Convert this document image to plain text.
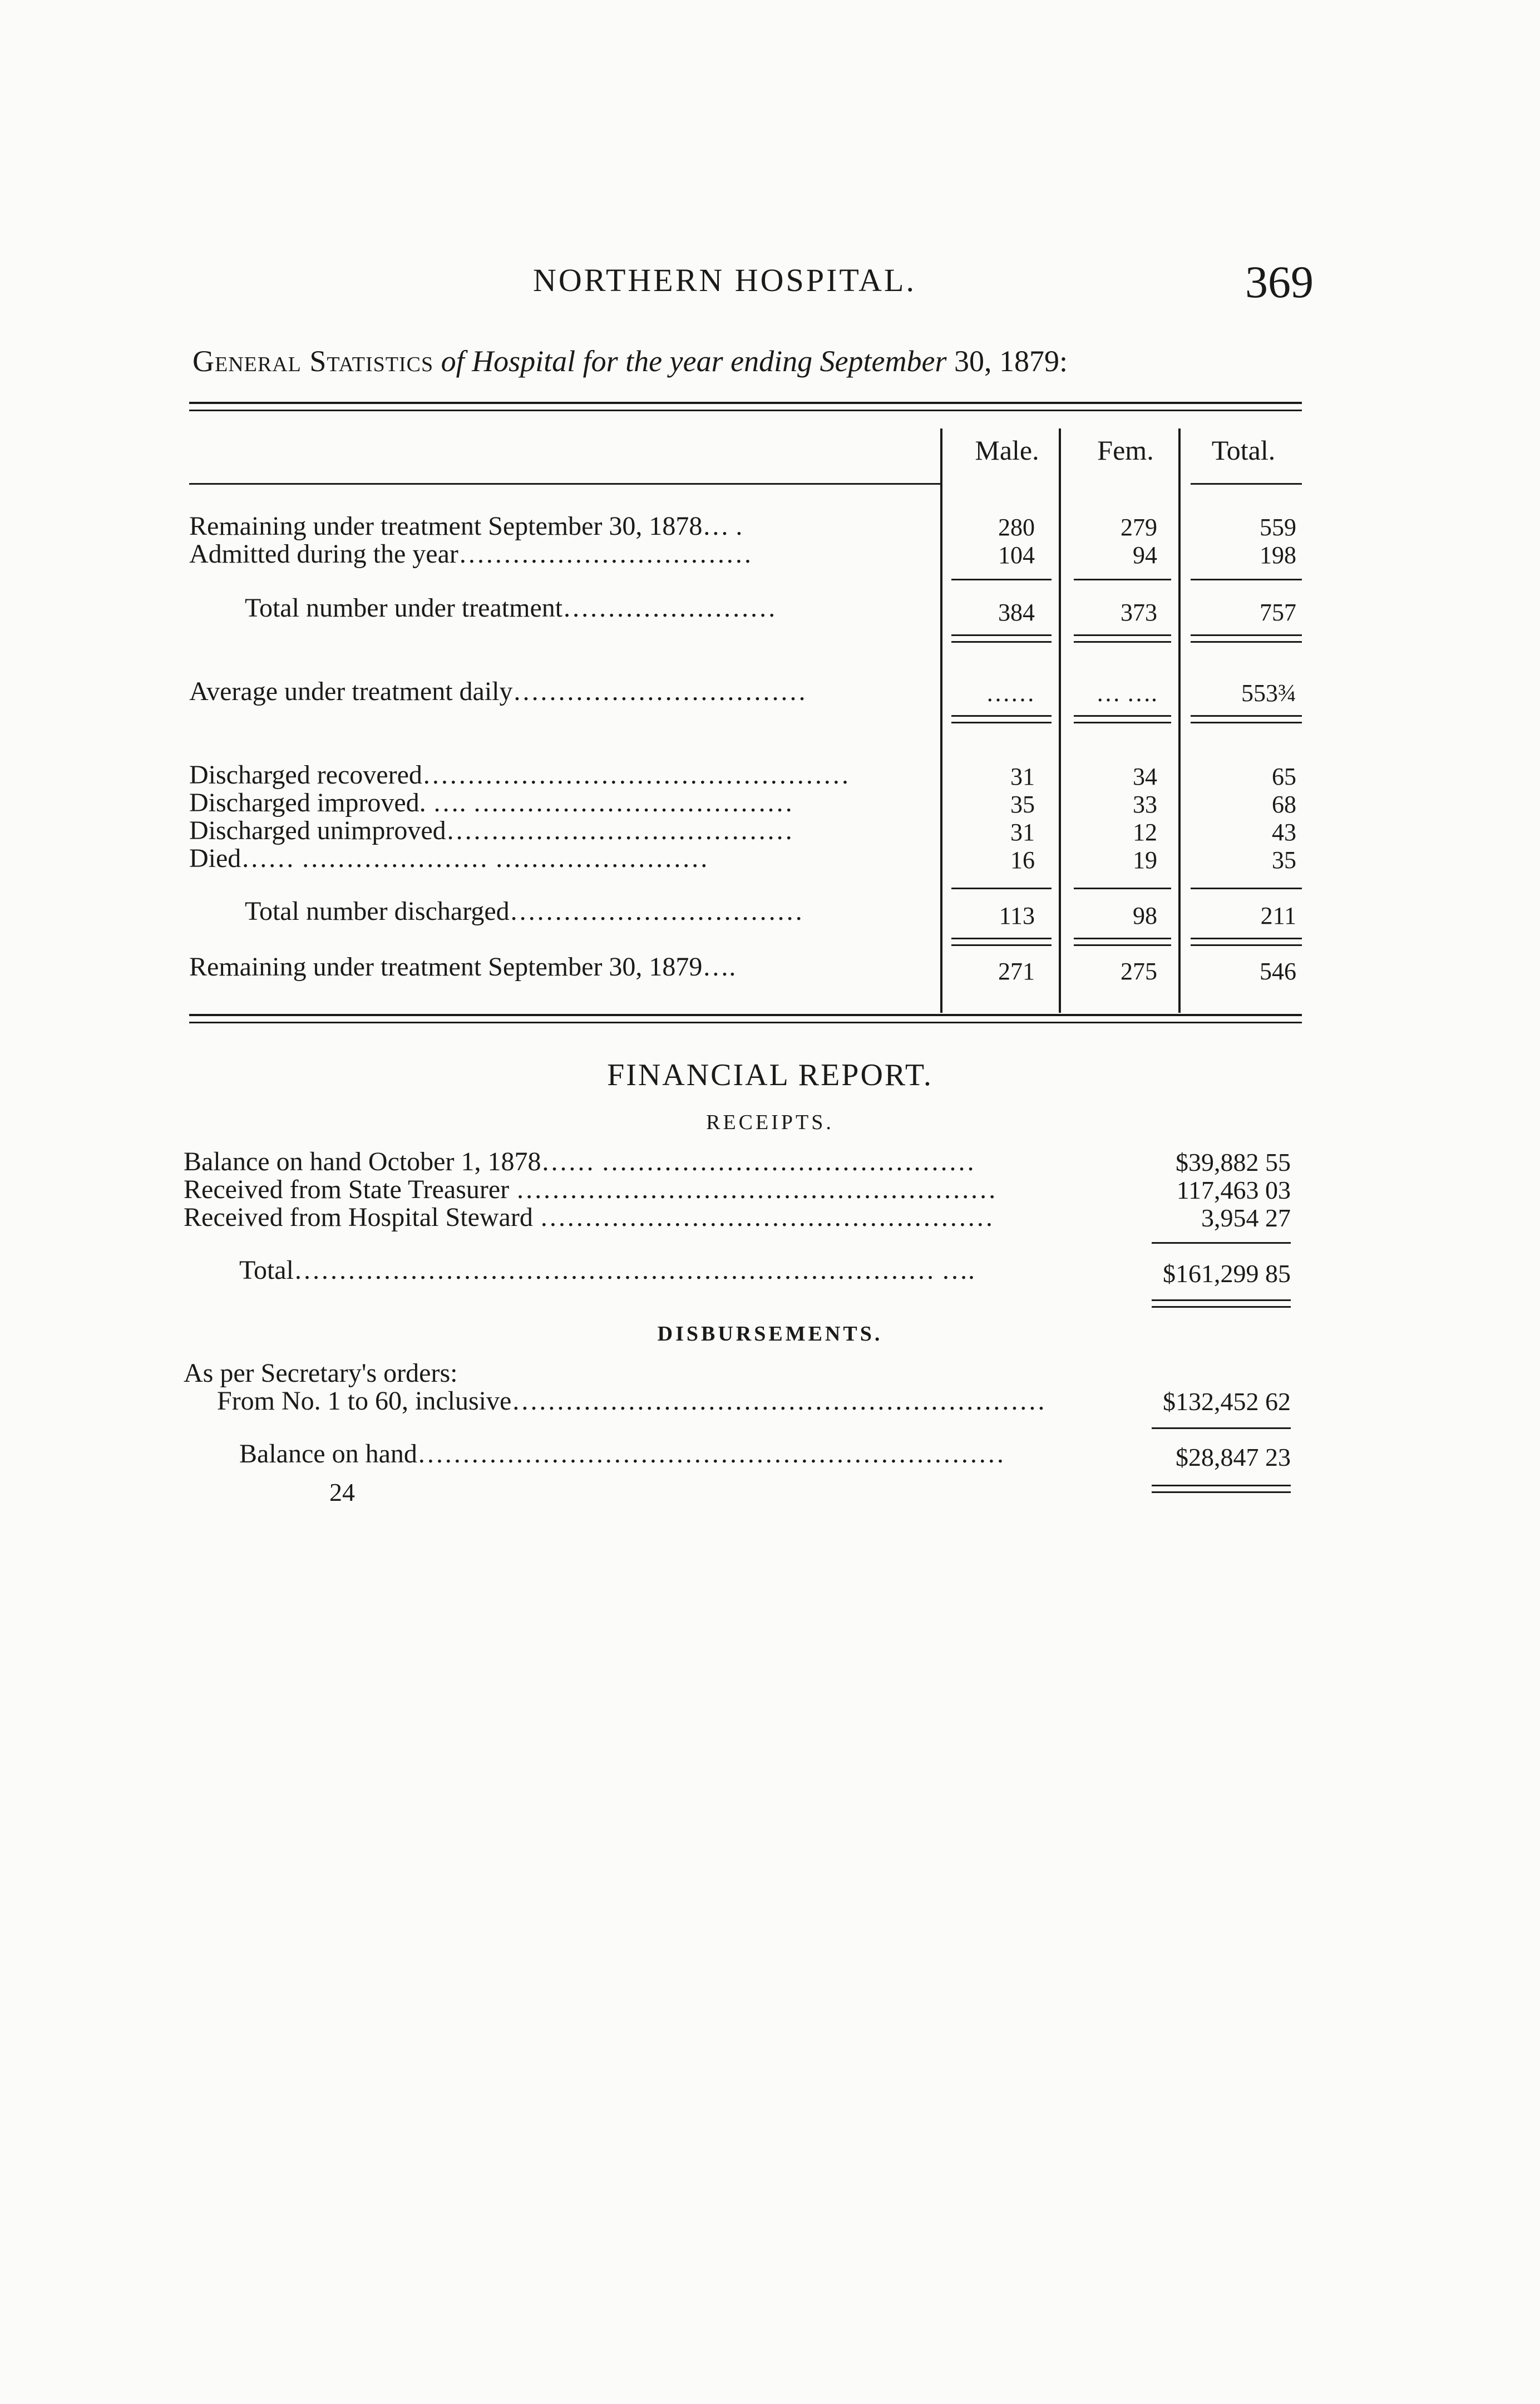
NORTHERN HOSPITAL.	369
General Statistics of Hospital for the year ending September 30, 1879:
Male.	Fem.	Total.
Remaining under treatment September 30, 1878… .	280	279	559
Admitted during the year……………………………	104	94	198
Total number under treatment……………………	384	373	757
Average under treatment daily……………………………	……	… ….	553¾
Discharged recovered…………………………………………	31	34	65
Discharged improved. …. ………………………………	35	33	68
Discharged unimproved…………………………………	31	12	43
Died…… ………………… ……………………	16	19	35
Total number discharged……………………………	113	98	211
Remaining under treatment September 30, 1879….	271	275	546
FINANCIAL REPORT.
RECEIPTS.
Balance on hand October 1, 1878…… ……………………………………	$39,882 55
Received from State Treasurer ………………………………………………	117,463 03
Received from Hospital Steward ……………………………………………	3,954 27
Total……………………………………………………………… ….	$161,299 85
DISBURSEMENTS.
As per Secretary's orders:
From No. 1 to 60, inclusive……………………………………………………	$132,452 62
Balance on hand…………………………………………………………	$28,847 23
24
